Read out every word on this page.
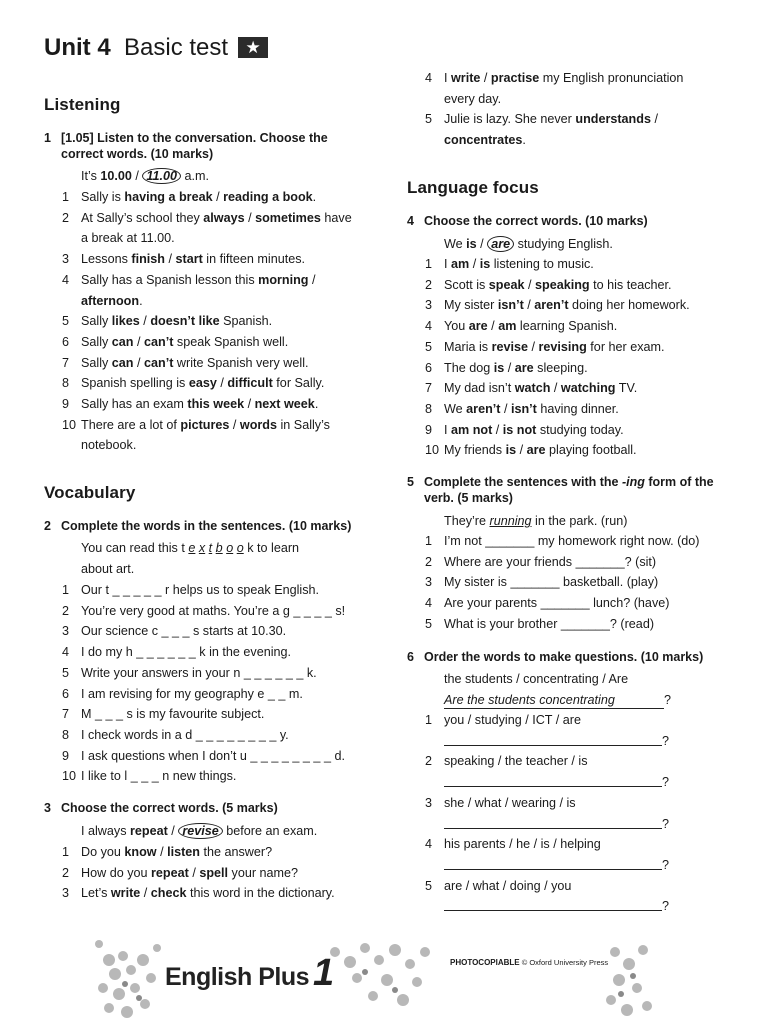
Unit 4 Basic test ★
Listening
1 [1.05] Listen to the conversation. Choose the
correct words. (10 marks)
It’s 10.00 / 11.00 a.m.
1 Sally is having a break / reading a book.
2 At Sally’s school they always / sometimes have
a break at 11.00.
3 Lessons finish / start in fifteen minutes.
4 Sally has a Spanish lesson this morning /
afternoon.
5 Sally likes / doesn’t like Spanish.
6 Sally can / can’t speak Spanish well.
7 Sally can / can’t write Spanish very well.
8 Spanish spelling is easy / difficult for Sally.
9 Sally has an exam this week / next week.
10 There are a lot of pictures / words in Sally’s
notebook.
Vocabulary
2 Complete the words in the sentences. (10 marks)
You can read this t e x t b o o k to learn
about art.
1 Our t _ _ _ _ _ r helps us to speak English.
2 You’re very good at maths. You’re a g _ _ _ _ s!
3 Our science c _ _ _ s starts at 10.30.
4 I do my h _ _ _ _ _ _ k in the evening.
5 Write your answers in your n _ _ _ _ _ _ k.
6 I am revising for my geography e _ _ m.
7 M _ _ _ s is my favourite subject.
8 I check words in a d _ _ _ _ _ _ _ _ y.
9 I ask questions when I don’t u _ _ _ _ _ _ _ _ d.
10 I like to l _ _ _ n new things.
3 Choose the correct words. (5 marks)
I always repeat / revise before an exam.
1 Do you know / listen the answer?
2 How do you repeat / spell your name?
3 Let’s write / check this word in the dictionary.
4 I write / practise my English pronunciation
every day.
5 Julie is lazy. She never understands /
concentrates.
Language focus
4 Choose the correct words. (10 marks)
We is / are studying English.
1 I am / is listening to music.
2 Scott is speak / speaking to his teacher.
3 My sister isn’t / aren’t doing her homework.
4 You are / am learning Spanish.
5 Maria is revise / revising for her exam.
6 The dog is / are sleeping.
7 My dad isn’t watch / watching TV.
8 We aren’t / isn’t having dinner.
9 I am not / is not studying today.
10 My friends is / are playing football.
5 Complete the sentences with the -ing form of the
verb. (5 marks)
They’re running in the park. (run)
1 I’m not _______ my homework right now. (do)
2 Where are your friends _______? (sit)
3 My sister is _______ basketball. (play)
4 Are your parents _______ lunch? (have)
5 What is your brother _______? (read)
6 Order the words to make questions. (10 marks)
the students / concentrating / Are
Are the students concentrating	?
1 you / studying / ICT / are
?
2 speaking / the teacher / is
?
3 she / what / wearing / is
?
4 his parents / he / is / helping
?
5 are / what / doing / you
?
English Plus 1	PHOTOCOPIABLE © Oxford University Press
